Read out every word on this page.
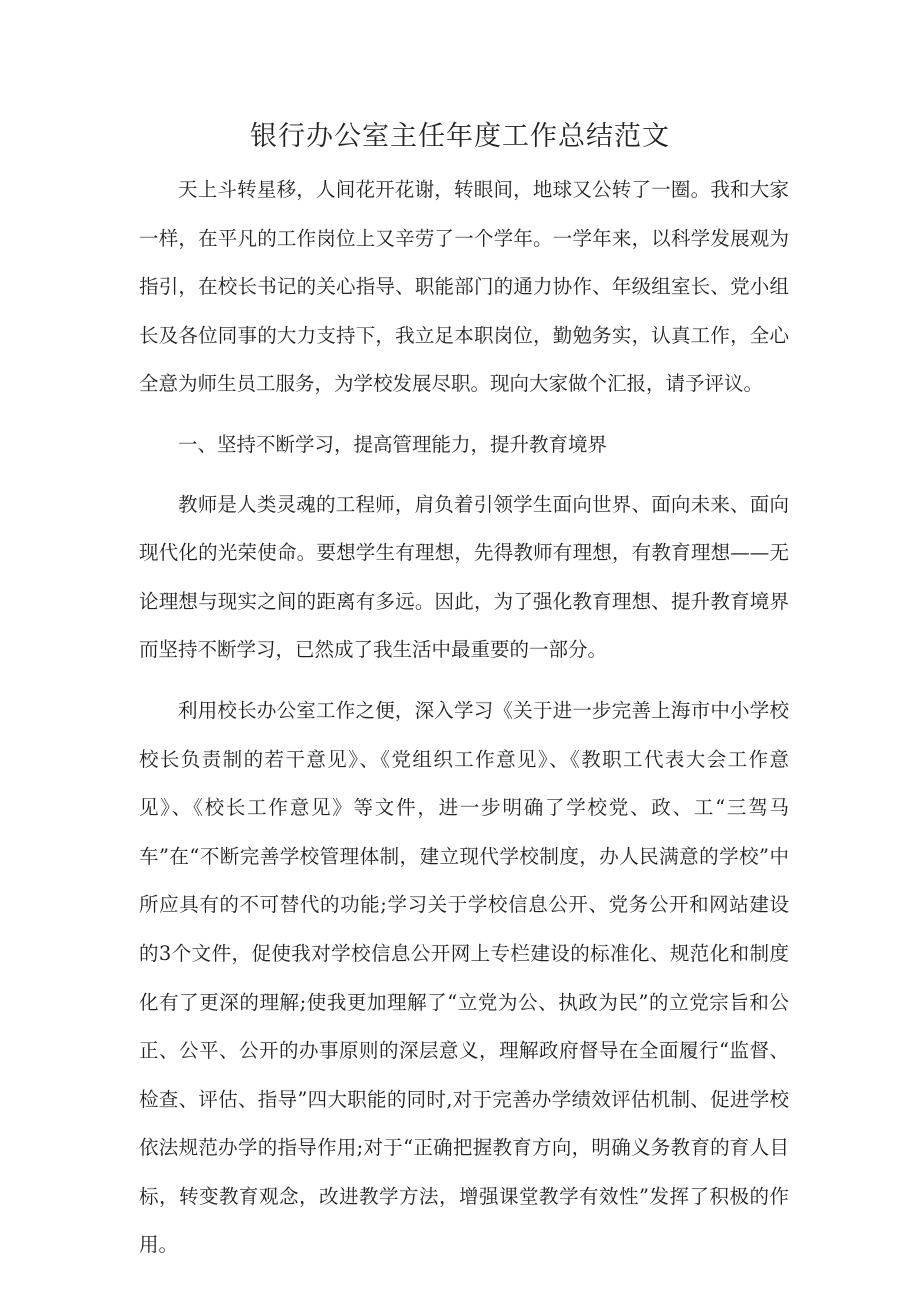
银行办公室主任年度工作总结范文

天上斗转星移，人间花开花谢，转眼间，地球又公转了一圈。我和大家一样，在平凡的工作岗位上又辛劳了一个学年。一学年来，以科学发展观为指引，在校长书记的关心指导、职能部门的通力协作、年级组室长、党小组长及各位同事的大力支持下，我立足本职岗位，勤勉务实，认真工作，全心全意为师生员工服务，为学校发展尽职。现向大家做个汇报，请予评议。

一、坚持不断学习，提高管理能力，提升教育境界

教师是人类灵魂的工程师，肩负着引领学生面向世界、面向未来、面向现代化的光荣使命。要想学生有理想，先得教师有理想，有教育理想——无论理想与现实之间的距离有多远。因此，为了强化教育理想、提升教育境界而坚持不断学习，已然成了我生活中最重要的一部分。

利用校长办公室工作之便，深入学习《关于进一步完善上海市中小学校校长负责制的若干意见》、《党组织工作意见》、《教职工代表大会工作意见》、《校长工作意见》等文件，进一步明确了学校党、政、工“三驾马车”在“不断完善学校管理体制，建立现代学校制度，办人民满意的学校”中所应具有的不可替代的功能;学习关于学校信息公开、党务公开和网站建设的3个文件，促使我对学校信息公开网上专栏建设的标准化、规范化和制度化有了更深的理解;使我更加理解了“立党为公、执政为民”的立党宗旨和公正、公平、公开的办事原则的深层意义，理解政府督导在全面履行“监督、检查、评估、指导”四大职能的同时,对于完善办学绩效评估机制、促进学校依法规范办学的指导作用;对于“正确把握教育方向，明确义务教育的育人目标，转变教育观念，改进教学方法，增强课堂教学有效性”发挥了积极的作用。
